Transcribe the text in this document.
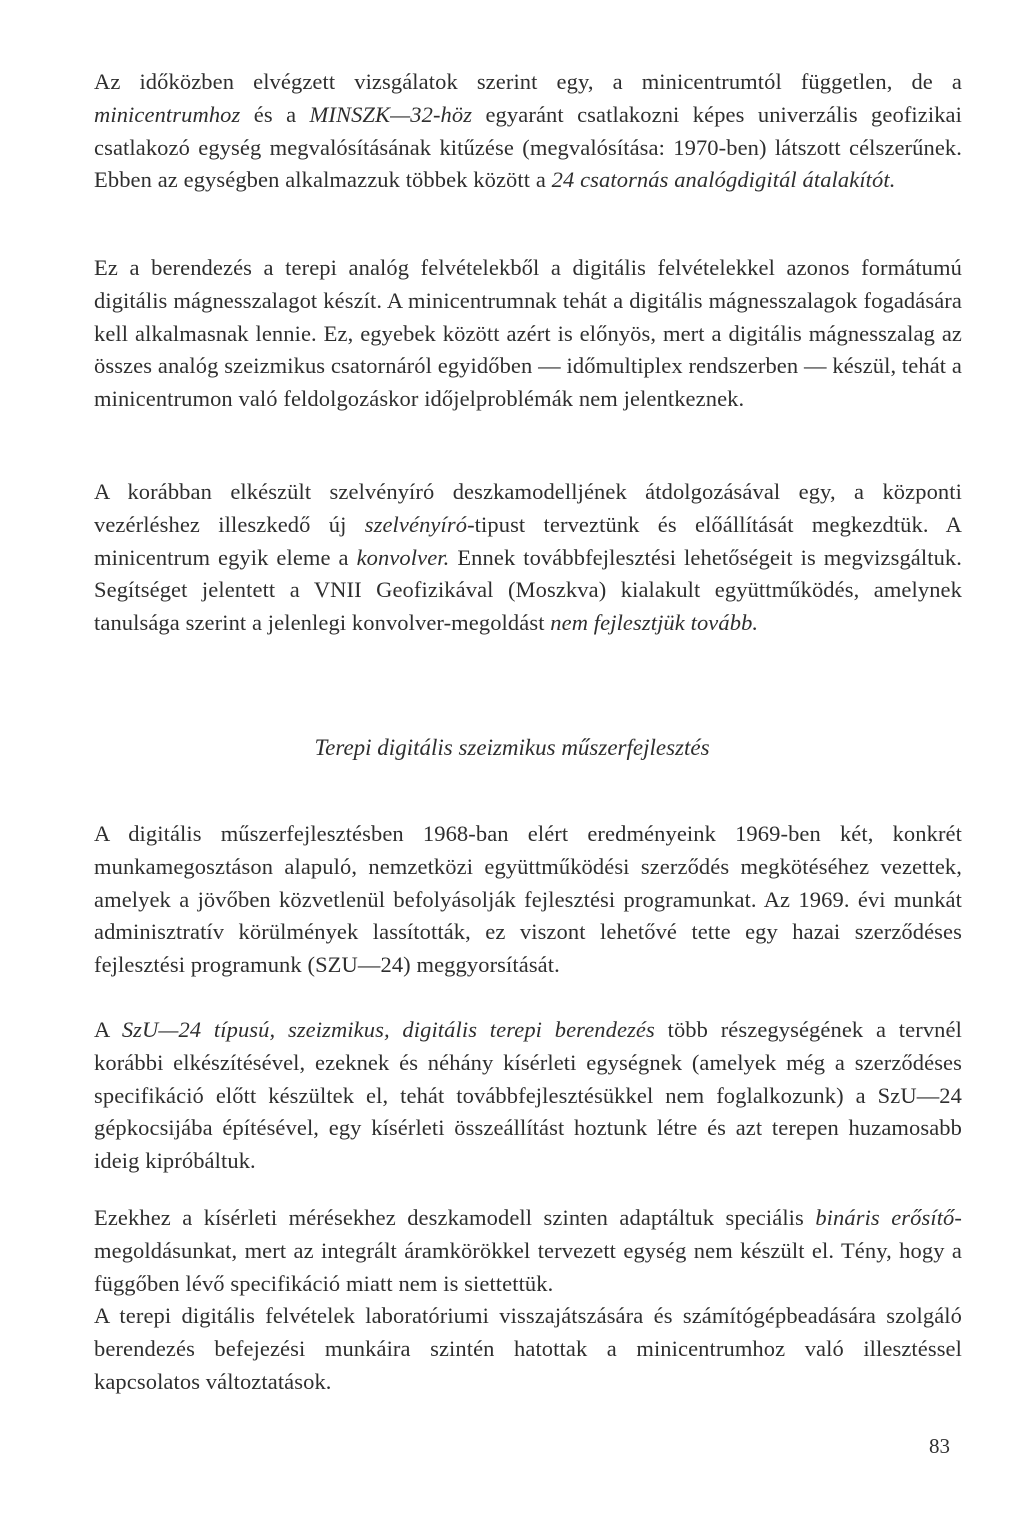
Az időközben elvégzett vizsgálatok szerint egy, a minicentrumtól független, de a minicentrumhoz és a MINSZK—32-höz egyaránt csatlakozni képes univerzális geofizikai csatlakozó egység megvalósításának kitűzése (megvalósítása: 1970-ben) látszott célszerűnek. Ebben az egységben alkalmazzuk többek között a 24 csatornás analógdigitál átalakítót.

Ez a berendezés a terepi analóg felvételekből a digitális felvételekkel azonos formátumú digitális mágnesszalagot készít. A minicentrumnak tehát a digitális mágnesszalagok fogadására kell alkalmasnak lennie. Ez, egyebek között azért is előnyös, mert a digitális mágnesszalag az összes analóg szeizmikus csatornáról egyidőben — időmultiplex rendszerben — készül, tehát a minicentrumon való feldolgozáskor időjelproblémák nem jelentkeznek.

A korábban elkészült szelvényíró deszkamodelljének átdolgozásával egy, a központi vezérléshez illeszkedő új szelvényíró-tipust terveztünk és előállítását megkezdtük. A minicentrum egyik eleme a konvolver. Ennek továbbfejlesztési lehetőségeit is megvizsgáltuk. Segítséget jelentett a VNII Geofizikával (Moszkva) kialakult együttműködés, amelynek tanulsága szerint a jelenlegi konvolver-megoldást nem fejlesztjük tovább.

Terepi digitális szeizmikus műszerfejlesztés

A digitális műszerfejlesztésben 1968-ban elért eredményeink 1969-ben két, konkrét munkamegosztáson alapuló, nemzetközi együttműködési szerződés megkötéséhez vezettek, amelyek a jövőben közvetlenül befolyásolják fejlesztési programunkat. Az 1969. évi munkát adminisztratív körülmények lassították, ez viszont lehetővé tette egy hazai szerződéses fejlesztési programunk (SZU—24) meggyorsítását.

A SzU—24 típusú, szeizmikus, digitális terepi berendezés több részegységének a tervnél korábbi elkészítésével, ezeknek és néhány kísérleti egységnek (amelyek még a szerződéses specifikáció előtt készültek el, tehát továbbfejlesztésükkel nem foglalkozunk) a SzU—24 gépkocsijába építésével, egy kísérleti összeállítást hoztunk létre és azt terepen huzamosabb ideig kipróbáltuk.

Ezekhez a kísérleti mérésekhez deszkamodell szinten adaptáltuk speciális bináris erősítő-megoldásunkat, mert az integrált áramkörökkel tervezett egység nem készült el. Tény, hogy a függőben lévő specifikáció miatt nem is siettettük.

A terepi digitális felvételek laboratóriumi visszajátszására és számítógépbeadására szolgáló berendezés befejezési munkáira szintén hatottak a minicentrumhoz való illesztéssel kapcsolatos változtatások.

83
